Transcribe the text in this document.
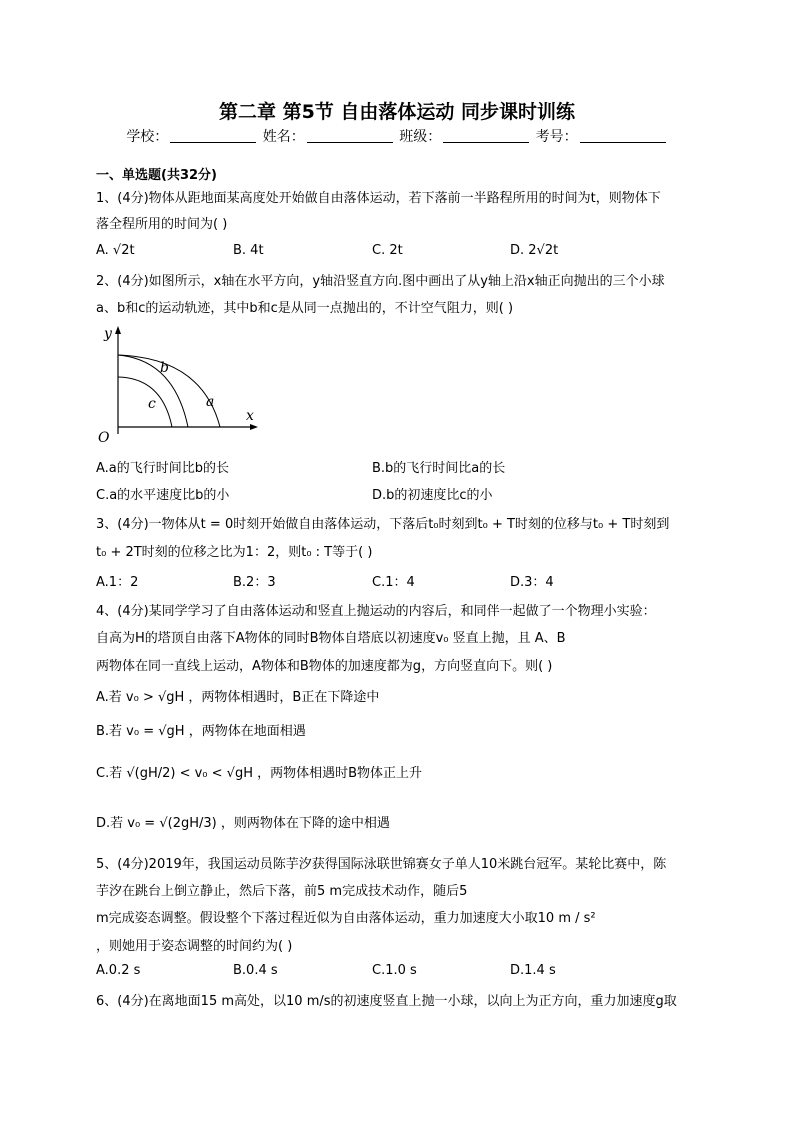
第二章 第5节 自由落体运动 同步课时训练
学校：	姓名：	班级：	考号：
一、单选题(共32分)
1、(4分)物体从距地面某高度处开始做自由落体运动，若下落前一半路程所用的时间为t，则物体下
落全程所用的时间为( )
A. √2t	B. 4t	C. 2t	D. 2√2t
2、(4分)如图所示，x轴在水平方向，y轴沿竖直方向.图中画出了从y轴上沿x轴正向抛出的三个小球
a、b和c的运动轨迹，其中b和c是从同一点抛出的，不计空气阻力，则( )
y
x
O
a
b
c
A.a的飞行时间比b的长	B.b的飞行时间比a的长
C.a的水平速度比b的小	D.b的初速度比c的小
3、(4分)一物体从t = 0时刻开始做自由落体运动，下落后t₀时刻到t₀ + T时刻的位移与t₀ + T时刻到
t₀ + 2T时刻的位移之比为1：2，则t₀ : T等于( )
A.1：2	B.2：3	C.1：4	D.3：4
4、(4分)某同学学习了自由落体运动和竖直上抛运动的内容后，和同伴一起做了一个物理小实验：
自高为H的塔顶自由落下A物体的同时B物体自塔底以初速度v₀ 竖直上抛，且 A、B
两物体在同一直线上运动，A物体和B物体的加速度都为g，方向竖直向下。则( )
A.若 v₀ > √gH ，两物体相遇时，B正在下降途中
B.若 v₀ = √gH ，两物体在地面相遇
C.若 √(gH/2) < v₀ < √gH ，两物体相遇时B物体正上升
D.若 v₀ = √(2gH/3) ，则两物体在下降的途中相遇
5、(4分)2019年，我国运动员陈芋汐获得国际泳联世锦赛女子单人10米跳台冠军。某轮比赛中，陈
芋汐在跳台上倒立静止，然后下落，前5 m完成技术动作，随后5
m完成姿态调整。假设整个下落过程近似为自由落体运动，重力加速度大小取10 m / s²
，则她用于姿态调整的时间约为( )
A.0.2 s	B.0.4 s	C.1.0 s	D.1.4 s
6、(4分)在离地面15 m高处，以10 m/s的初速度竖直上抛一小球，以向上为正方向，重力加速度g取
